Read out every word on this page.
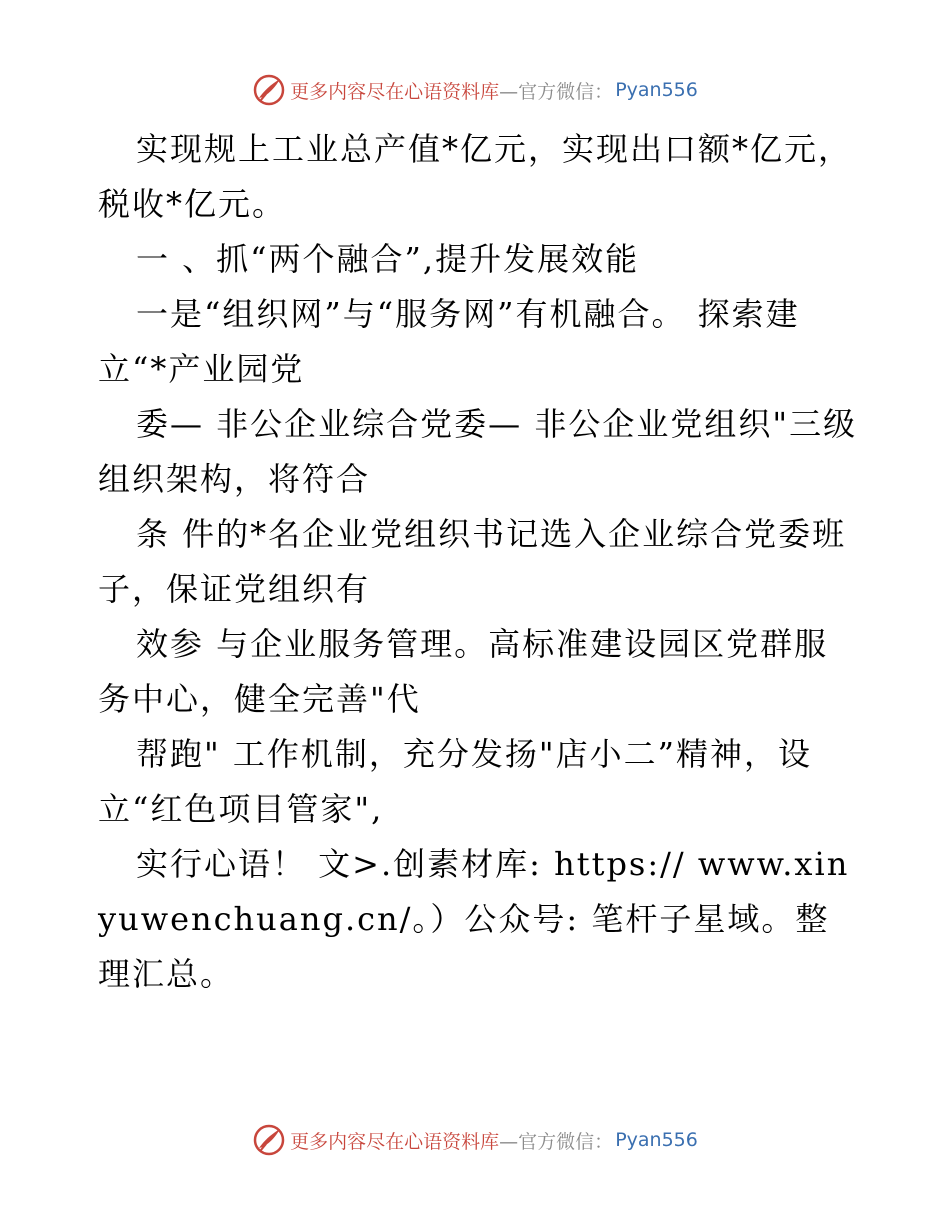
更多内容尽在心语资料库 —官方微信： Pyan556

实现规上工业总产值*亿元，实现出口额*亿元，税收*亿元。

一 、抓“两个融合”,提升发展效能

一是“组织网”与“服务网”有机融合。 探索建立“*产业园党

委— 非公企业综合党委— 非公企业党组织"三级组织架构，将符合

条 件的*名企业党组织书记选入企业综合党委班子，保证党组织有

效参 与企业服务管理。高标准建设园区党群服务中心，健全完善"代

帮跑" 工作机制，充分发扬"店小二”精神，设立“红色项目管家",

实行心语！ 文>.创素材库: https:// www.xinyuwenchuang.cn/。）公众号: 笔杆子星域。整理汇总。

更多内容尽在心语资料库 —官方微信： Pyan556
